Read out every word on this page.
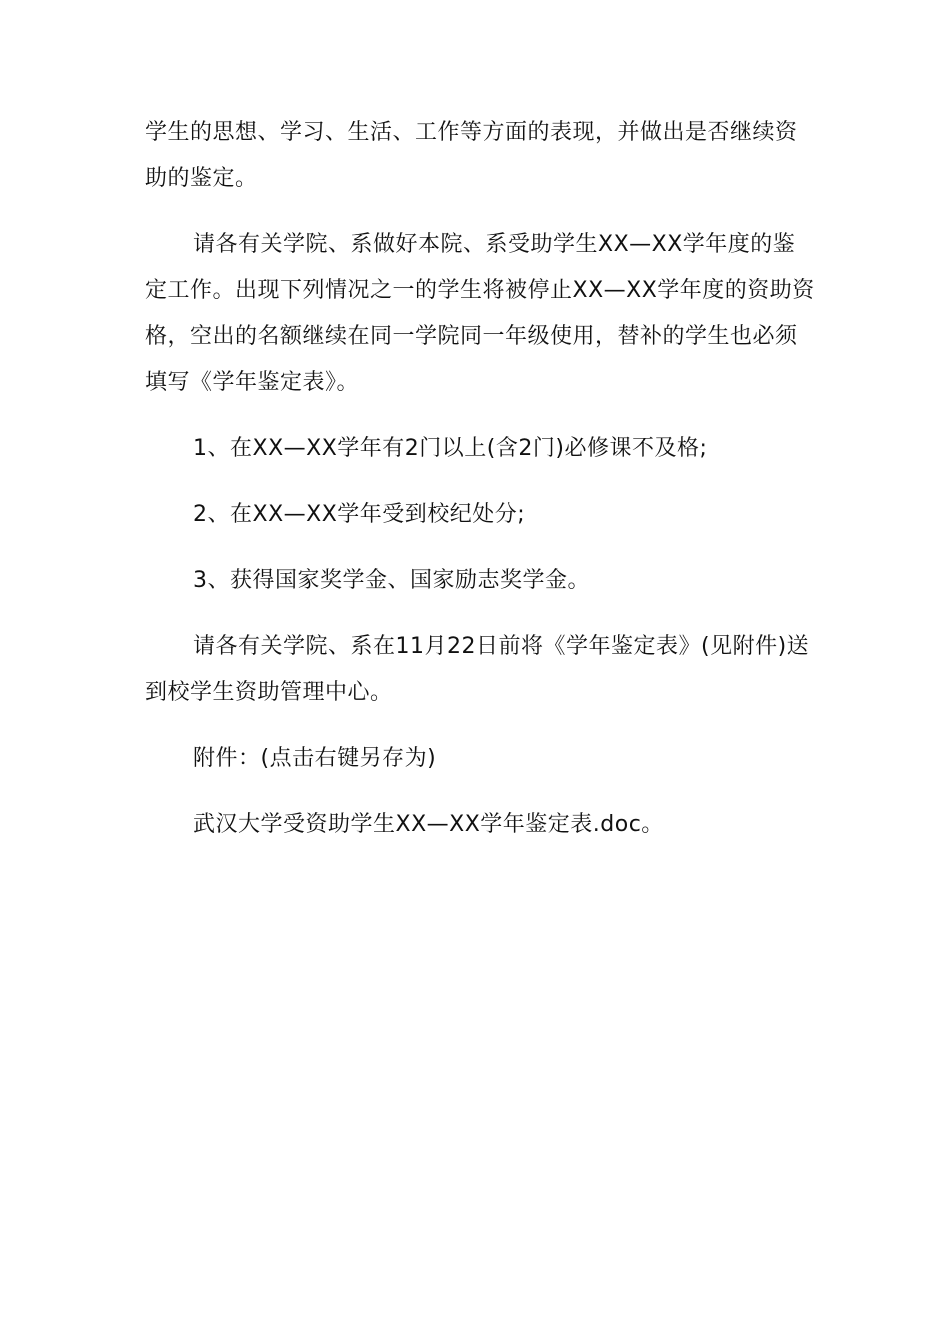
学生的思想、学习、生活、工作等方面的表现，并做出是否继续资助的鉴定。

请各有关学院、系做好本院、系受助学生XX—XX学年度的鉴定工作。出现下列情况之一的学生将被停止XX—XX学年度的资助资格，空出的名额继续在同一学院同一年级使用，替补的学生也必须填写《学年鉴定表》。

1、在XX—XX学年有2门以上(含2门)必修课不及格;

2、在XX—XX学年受到校纪处分;

3、获得国家奖学金、国家励志奖学金。

请各有关学院、系在11月22日前将《学年鉴定表》(见附件)送到校学生资助管理中心。

附件：(点击右键另存为)

武汉大学受资助学生XX—XX学年鉴定表.doc。
